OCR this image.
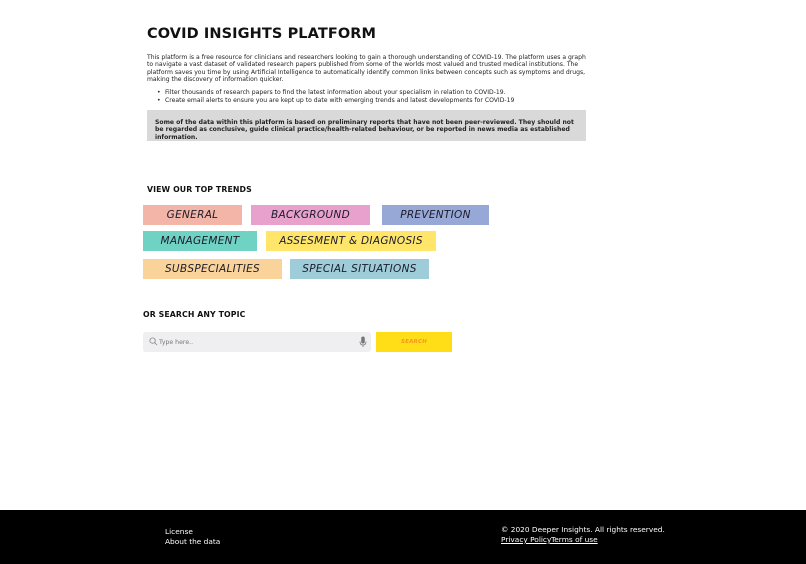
COVID INSIGHTS PLATFORM

This platform is a free resource for clinicians and researchers looking to gain a thorough understanding of COVID-19. The platform uses a graph to navigate a vast dataset of validated research papers published from some of the worlds most valued and trusted medical institutions. The platform saves you time by using Artificial Intelligence to automatically identify common links between concepts such as symptoms and drugs, making the discovery of information quicker.

• Filter thousands of research papers to find the latest information about your specialism in relation to COVID-19.
• Create email alerts to ensure you are kept up to date with emerging trends and latest developments for COVID-19
Some of the data within this platform is based on preliminary reports that have not been peer-reviewed. They should not be regarded as conclusive, guide clinical practice/health-related behaviour, or be reported in news media as established information.
VIEW OUR TOP TRENDS
GENERAL	BACKGROUND	PREVENTION
MANAGEMENT	ASSESMENT & DIAGNOSIS
SUBSPECIALITIES	SPECIAL SITUATIONS
OR SEARCH ANY TOPIC
Type here..
SEARCH
License
About the data
© 2020 Deeper Insights. All rights reserved.
Privacy Policy Terms of use
